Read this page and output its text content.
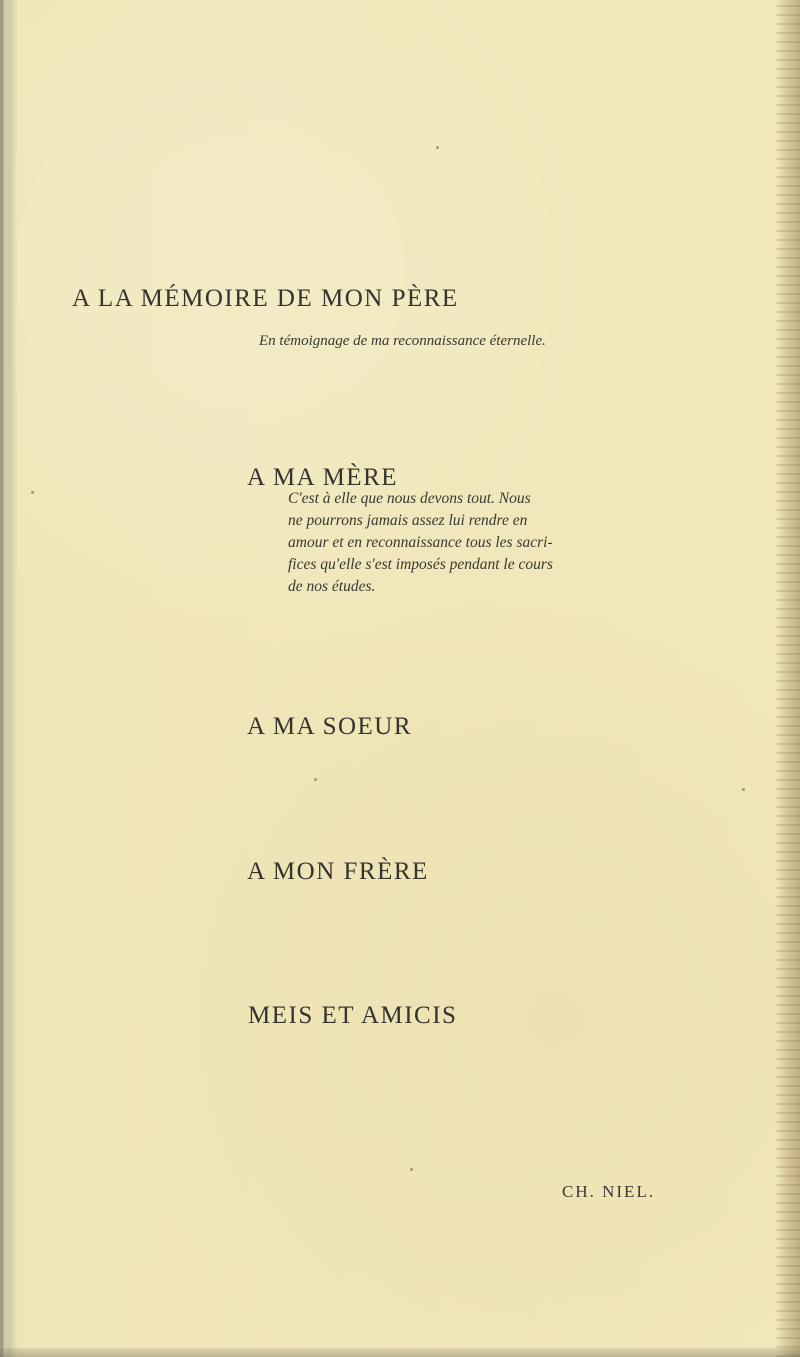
A LA MÉMOIRE DE MON PÈRE
En témoignage de ma reconnaissance éternelle.
A MA MÈRE

C'est à elle que nous devons tout. Nous

ne pourrons jamais assez lui rendre en

amour et en reconnaissance tous les sacri-

fices qu'elle s'est imposés pendant le cours

de nos études.

A MA SOEUR
A MON FRÈRE
MEIS ET AMICIS
CH. NIEL.
